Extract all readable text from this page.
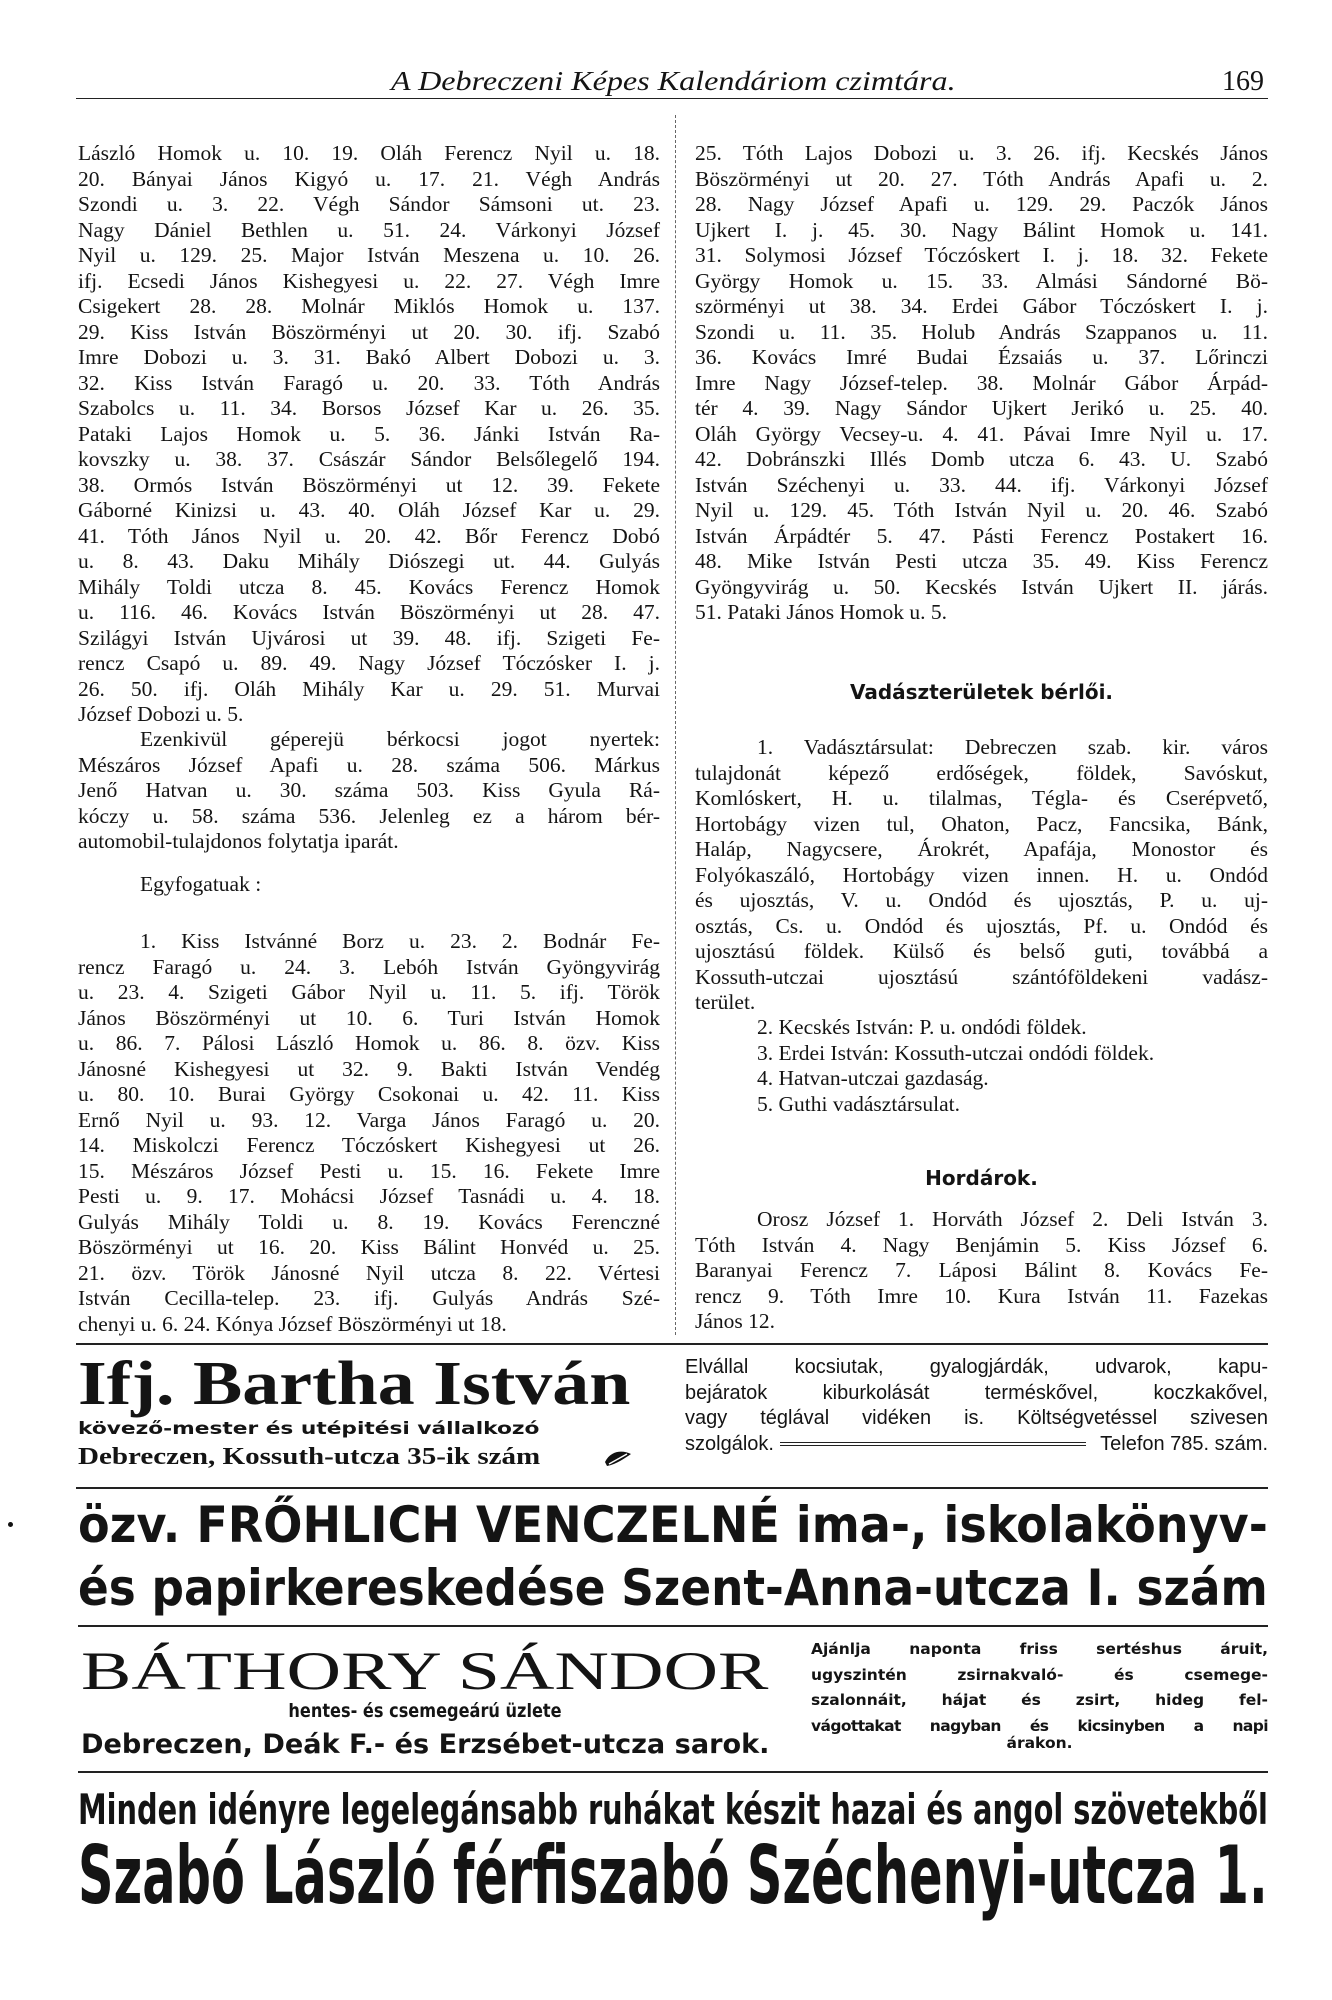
A Debreczeni Képes Kalendáriom czimtára.	169
László Homok u. 10. 19. Oláh Ferencz Nyil u. 18.
20. Bányai János Kigyó u. 17. 21. Végh András
Szondi u. 3. 22. Végh Sándor Sámsoni ut. 23.
Nagy Dániel Bethlen u. 51. 24. Várkonyi József
Nyil u. 129. 25. Major István Meszena u. 10. 26.
ifj. Ecsedi János Kishegyesi u. 22. 27. Végh Imre
Csigekert 28. 28. Molnár Miklós Homok u. 137.
29. Kiss István Böszörményi ut 20. 30. ifj. Szabó
Imre Dobozi u. 3. 31. Bakó Albert Dobozi u. 3.
32. Kiss István Faragó u. 20. 33. Tóth András
Szabolcs u. 11. 34. Borsos József Kar u. 26. 35.
Pataki Lajos Homok u. 5. 36. Jánki István Ra-
kovszky u. 38. 37. Császár Sándor Belsőlegelő 194.
38. Ormós István Böszörményi ut 12. 39. Fekete
Gáborné Kinizsi u. 43. 40. Oláh József Kar u. 29.
41. Tóth János Nyil u. 20. 42. Bőr Ferencz Dobó
u. 8. 43. Daku Mihály Diószegi ut. 44. Gulyás
Mihály Toldi utcza 8. 45. Kovács Ferencz Homok
u. 116. 46. Kovács István Böszörményi ut 28. 47.
Szilágyi István Ujvárosi ut 39. 48. ifj. Szigeti Fe-
rencz Csapó u. 89. 49. Nagy József Tóczósker I. j.
26. 50. ifj. Oláh Mihály Kar u. 29. 51. Murvai
József Dobozi u. 5.
Ezenkivül géperejü bérkocsi jogot nyertek:
Mészáros József Apafi u. 28. száma 506. Márkus
Jenő Hatvan u. 30. száma 503. Kiss Gyula Rá-
kóczy u. 58. száma 536. Jelenleg ez a három bér-
automobil-tulajdonos folytatja iparát.
Egyfogatuak :
1. Kiss Istvánné Borz u. 23. 2. Bodnár Fe-
rencz Faragó u. 24. 3. Lebóh István Gyöngyvirág
u. 23. 4. Szigeti Gábor Nyil u. 11. 5. ifj. Török
János Böszörményi ut 10. 6. Turi István Homok
u. 86. 7. Pálosi László Homok u. 86. 8. özv. Kiss
Jánosné Kishegyesi ut 32. 9. Bakti István Vendég
u. 80. 10. Burai György Csokonai u. 42. 11. Kiss
Ernő Nyil u. 93. 12. Varga János Faragó u. 20.
14. Miskolczi Ferencz Tóczóskert Kishegyesi ut 26.
15. Mészáros József Pesti u. 15. 16. Fekete Imre
Pesti u. 9. 17. Mohácsi József Tasnádi u. 4. 18.
Gulyás Mihály Toldi u. 8. 19. Kovács Ferenczné
Böszörményi ut 16. 20. Kiss Bálint Honvéd u. 25.
21. özv. Török Jánosné Nyil utcza 8. 22. Vértesi
István Cecilla-telep. 23. ifj. Gulyás András Szé-
chenyi u. 6. 24. Kónya József Böszörményi ut 18.
25. Tóth Lajos Dobozi u. 3. 26. ifj. Kecskés János
Böszörményi ut 20. 27. Tóth András Apafi u. 2.
28. Nagy József Apafi u. 129. 29. Paczók János
Ujkert I. j. 45. 30. Nagy Bálint Homok u. 141.
31. Solymosi József Tóczóskert I. j. 18. 32. Fekete
György Homok u. 15. 33. Almási Sándorné Bö-
szörményi ut 38. 34. Erdei Gábor Tóczóskert I. j.
Szondi u. 11. 35. Holub András Szappanos u. 11.
36. Kovács Imré Budai Ézsaiás u. 37. Lőrinczi
Imre Nagy József-telep. 38. Molnár Gábor Árpád-
tér 4. 39. Nagy Sándor Ujkert Jerikó u. 25. 40.
Oláh György Vecsey-u. 4. 41. Pávai Imre Nyil u. 17.
42. Dobránszki Illés Domb utcza 6. 43. U. Szabó
István Széchenyi u. 33. 44. ifj. Várkonyi József
Nyil u. 129. 45. Tóth István Nyil u. 20. 46. Szabó
István Árpádtér 5. 47. Pásti Ferencz Postakert 16.
48. Mike István Pesti utcza 35. 49. Kiss Ferencz
Gyöngyvirág u. 50. Kecskés István Ujkert II. járás.
51. Pataki János Homok u. 5.
Vadászterületek bérlői.
1. Vadásztársulat: Debreczen szab. kir. város
tulajdonát képező erdőségek, földek, Savóskut,
Komlóskert, H. u. tilalmas, Tégla- és Cserépvető,
Hortobágy vizen tul, Ohaton, Pacz, Fancsika, Bánk,
Haláp, Nagycsere, Árokrét, Apafája, Monostor és
Folyókaszáló, Hortobágy vizen innen. H. u. Ondód
és ujosztás, V. u. Ondód és ujosztás, P. u. uj-
osztás, Cs. u. Ondód és ujosztás, Pf. u. Ondód és
ujosztású földek. Külső és belső guti, továbbá a
Kossuth-utczai ujosztású szántóföldekeni vadász-
terület.
2. Kecskés István: P. u. ondódi földek.
3. Erdei István: Kossuth-utczai ondódi földek.
4. Hatvan-utczai gazdaság.
5. Guthi vadásztársulat.
Hordárok.
Orosz József 1. Horváth József 2. Deli István 3.
Tóth István 4. Nagy Benjámin 5. Kiss József 6.
Baranyai Ferencz 7. Láposi Bálint 8. Kovács Fe-
rencz 9. Tóth Imre 10. Kura István 11. Fazekas
János 12.
Ifj. Bartha István
kövező-mester és utépitési vállalkozó
Debreczen, Kossuth-utcza 35-ik szám
Elvállal kocsiutak, gyalogjárdák, udvarok, kapu-
bejáratok kiburkolását terméskővel, koczkakővel,
vagy téglával vidéken is. Költségvetéssel szivesen
szolgálok.	Telefon 785. szám.
özv. FRŐHLICH VENCZELNÉ ima-, iskolakönyv-
és papirkereskedése Szent-Anna-utcza I. szám
BÁTHORY SÁNDOR
hentes- és csemegeárú üzlete
Debreczen, Deák F.- és Erzsébet-utcza sarok.
Ajánlja naponta friss sertéshus áruit,
ugyszintén zsirnakvaló- és csemege-
szalonnáit, hájat és zsirt, hideg fel-
vágottakat nagyban és kicsinyben a napi
árakon.
Minden idényre legelegánsabb ruhákat készit hazai és angol szövetekből
Szabó László férfiszabó Széchenyi-utcza 1.
